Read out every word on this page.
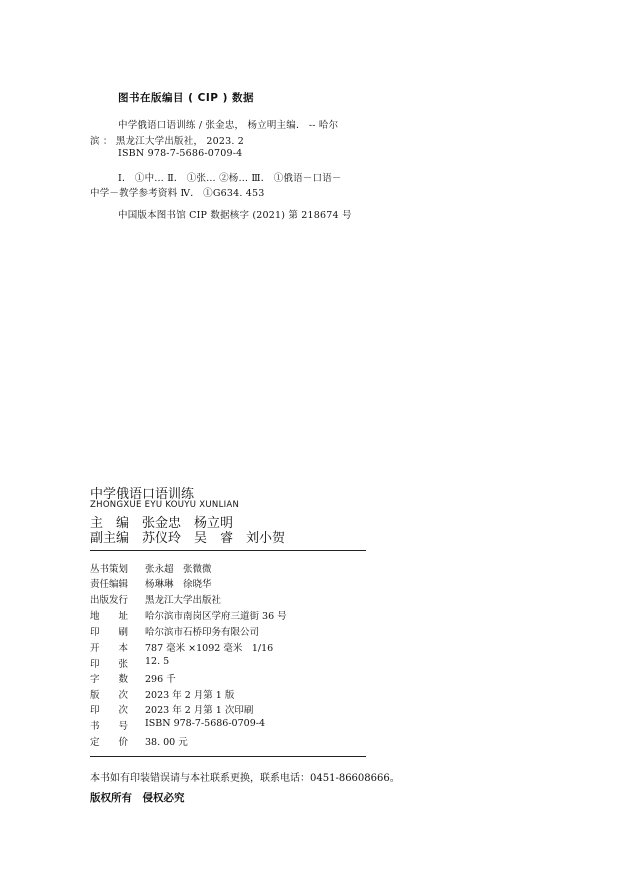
图书在版编目 ( CIP ) 数据
中学俄语口语训练 / 张金忠， 杨立明主编． -- 哈尔
滨 ： 黑龙江大学出版社， 2023. 2
ISBN 978-7-5686-0709-4
Ⅰ． ①中… Ⅱ． ①张… ②杨… Ⅲ． ①俄语－口语－
中学－教学参考资料 Ⅳ． ①G634. 453
中国版本图书馆 CIP 数据核字 (2021) 第 218674 号
中学俄语口语训练
ZHONGXUE EYU KOUYU XUNLIAN
主　编 张金忠　杨立明
副主编 苏仪玲　吴　睿　刘小贺
丛书策划	张永超　张微微
责任编辑	杨琳琳　徐晓华
出版发行	黑龙江大学出版社
地　　址	哈尔滨市南岗区学府三道街 36 号
印　　刷	哈尔滨市石桥印务有限公司
开　　本	787 毫米 ×1092 毫米　1/16
印　　张	12. 5
字　　数	296 千
版　　次	2023 年 2 月第 1 版
印　　次	2023 年 2 月第 1 次印刷
书　　号	ISBN 978-7-5686-0709-4
定　　价	38. 00 元
本书如有印装错误请与本社联系更换，联系电话：0451-86608666。
版权所有　侵权必究
